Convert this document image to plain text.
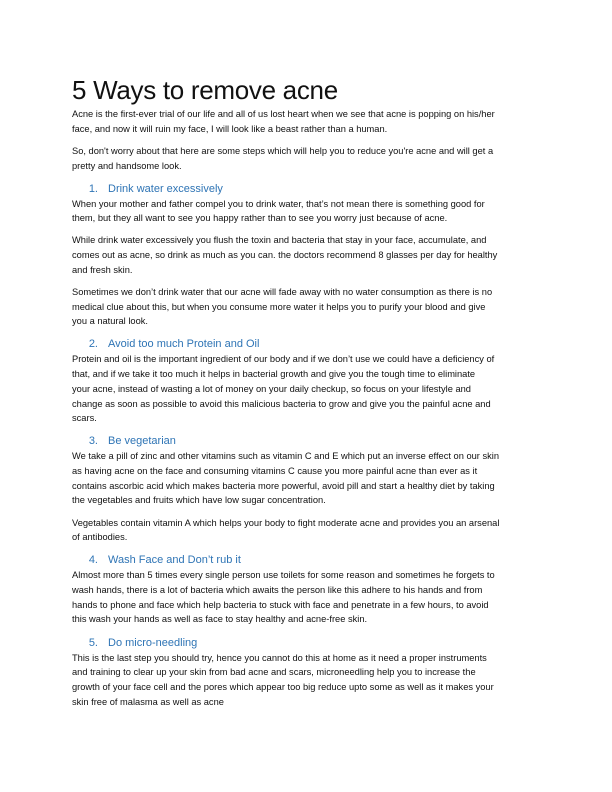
5 Ways to remove acne
Acne is the first-ever trial of our life and all of us lost heart when we see that acne is popping on his/her
face, and now it will ruin my face, I will look like a beast rather than a human.
So, don't worry about that here are some steps which will help you to reduce you're acne and will get a
pretty and handsome look.
1. Drink water excessively
When your mother and father compel you to drink water, that’s not mean there is something good for
them, but they all want to see you happy rather than to see you worry just because of acne.
While drink water excessively you flush the toxin and bacteria that stay in your face, accumulate, and
comes out as acne, so drink as much as you can. the doctors recommend 8 glasses per day for healthy
and fresh skin.
Sometimes we don’t drink water that our acne will fade away with no water consumption as there is no
medical clue about this, but when you consume more water it helps you to purify your blood and give
you a natural look.
2. Avoid too much Protein and Oil
Protein and oil is the important ingredient of our body and if we don’t use we could have a deficiency of
that, and if we take it too much it helps in bacterial growth and give you the tough time to eliminate
your acne, instead of wasting a lot of money on your daily checkup, so focus on your lifestyle and
change as soon as possible to avoid this malicious bacteria to grow and give you the painful acne and
scars.
3. Be vegetarian
We take a pill of zinc and other vitamins such as vitamin C and E which put an inverse effect on our skin
as having acne on the face and consuming vitamins C cause you more painful acne than ever as it
contains ascorbic acid which makes bacteria more powerful, avoid pill and start a healthy diet by taking
the vegetables and fruits which have low sugar concentration.
Vegetables contain vitamin A which helps your body to fight moderate acne and provides you an arsenal
of antibodies.
4. Wash Face and Don’t rub it
Almost more than 5 times every single person use toilets for some reason and sometimes he forgets to
wash hands, there is a lot of bacteria which awaits the person like this adhere to his hands and from
hands to phone and face which help bacteria to stuck with face and penetrate in a few hours, to avoid
this wash your hands as well as face to stay healthy and acne-free skin.
5. Do micro-needling
This is the last step you should try, hence you cannot do this at home as it need a proper instruments
and training to clear up your skin from bad acne and scars, microneedling help you to increase the
growth of your face cell and the pores which appear too big reduce upto some as well as it makes your
skin free of malasma as well as acne
